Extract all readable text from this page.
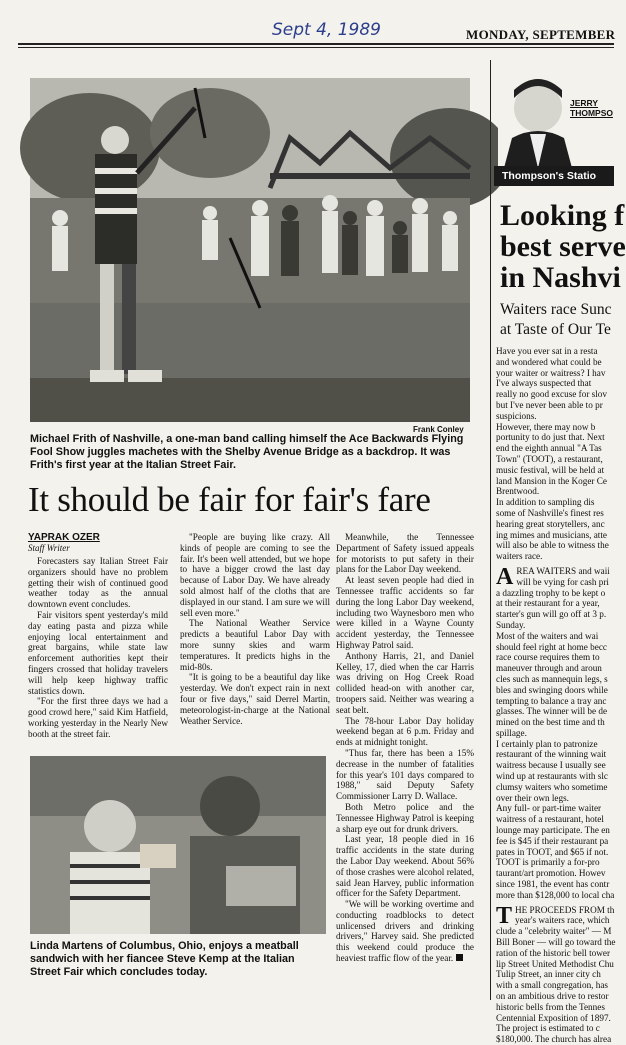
Sept 4, 1989	MONDAY, SEPTEMBER
Frank Conley
Michael Frith of Nashville, a one-man band calling himself the Ace Backwards Flying Fool Show juggles machetes with the Shelby Avenue Bridge as a backdrop. It was Frith's first year at the Italian Street Fair.
It should be fair for fair's fare
YAPRAK OZER
Staff Writer

Forecasters say Italian Street Fair organizers should have no problem getting their wish of continued good weather today as the annual downtown event concludes.

Fair visitors spent yesterday's mild day eating pasta and pizza while enjoying local entertainment and great bargains, while state law enforcement authorities kept their fingers crossed that holiday travelers will help keep highway traffic statistics down.

"For the first three days we had a good crowd here," said Kim Hatfield, working yesterday in the Nearly New booth at the street fair.

"People are buying like crazy. All kinds of people are coming to see the fair. It's been well attended, but we hope to have a bigger crowd the last day because of Labor Day. We have already sold almost half of the cloths that are displayed in our stand. I am sure we will sell even more."

The National Weather Service predicts a beautiful Labor Day with more sunny skies and warm temperatures. It predicts highs in the mid-80s.

"It is going to be a beautiful day like yesterday. We don't expect rain in next four or five days," said Derrel Martin, meteorologist-in-charge at the National Weather Service.

Meanwhile, the Tennessee Department of Safety issued appeals for motorists to put safety in their plans for the Labor Day weekend.

At least seven people had died in Tennessee traffic accidents so far during the long Labor Day weekend, including two Waynesboro men who were killed in a Wayne County accident yesterday, the Tennessee Highway Patrol said.

Anthony Harris, 21, and Daniel Kelley, 17, died when the car Harris was driving on Hog Creek Road collided head-on with another car, troopers said. Neither was wearing a seat belt.

The 78-hour Labor Day holiday weekend began at 6 p.m. Friday and ends at midnight tonight.

"Thus far, there has been a 15% decrease in the number of fatalities for this year's 101 days compared to 1988," said Deputy Safety Commissioner Larry D. Wallace.

Both Metro police and the Tennessee Highway Patrol is keeping a sharp eye out for drunk drivers.

Last year, 18 people died in 16 traffic accidents in the state during the Labor Day weekend. About 56% of those crashes were alcohol related, said Jean Harvey, public information officer for the Safety Department.

"We will be working overtime and conducting roadblocks to detect unlicensed drivers and drinking drivers," Harvey said. She predicted this weekend could produce the heaviest traffic flow of the year.

Linda Martens of Columbus, Ohio, enjoys a meatball sandwich with her fiancee Steve Kemp at the Italian Street Fair which concludes today.
JERRY
THOMPSO
Thompson's Statio
Looking f
best serve
in Nashvi
Waiters race Sunc
at Taste of Our Te
Have you ever sat in a resta
and wondered what could be
your waiter or waitress? I hav
I've always suspected that
really no good excuse for slov
but I've never been able to pr
suspicions.
However, there may now b
portunity to do just that. Next
end the eighth annual "A Tas
Town" (TOOT), a restaurant,
music festival, will be held at
land Mansion in the Koger Ce
Brentwood.
In addition to sampling dis
some of Nashville's finest res
hearing great storytellers, anc
ing mimes and musicians, atte
will also be able to witness the
waiters race.
A REA WAITERS and waii
will be vying for cash pri
a dazzling trophy to be kept o
at their restaurant for a year,
starter's gun will go off at 3 p.
Sunday.
Most of the waiters and wai
should feel right at home becc
race course requires them to
maneuver through and aroun
cles such as mannequin legs, s
bles and swinging doors while
tempting to balance a tray anc
glasses. The winner will be de
mined on the best time and th
spillage.
I certainly plan to patronize
restaurant of the winning wait
waitress because I usually see
wind up at restaurants with slc
clumsy waiters who sometime
over their own legs.
Any full- or part-time waiter
waitress of a restaurant, hotel
lounge may participate. The en
fee is $45 if their restaurant pa
pates in TOOT, and $65 if not.
TOOT is primarily a for-pro
taurant/art promotion. Howev
since 1981, the event has contr
more than $128,000 to local cha
T HE PROCEEDS FROM th
year's waiters race, which
clude a "celebrity waiter" — M
Bill Boner — will go toward the
ration of the historic bell tower
lip Street United Methodist Chu
Tulip Street, an inner city ch
with a small congregation, has
on an ambitious drive to restor
historic bells from the Tennes
Centennial Exposition of 1897.
The project is estimated to c
$180,000. The church has alrea
